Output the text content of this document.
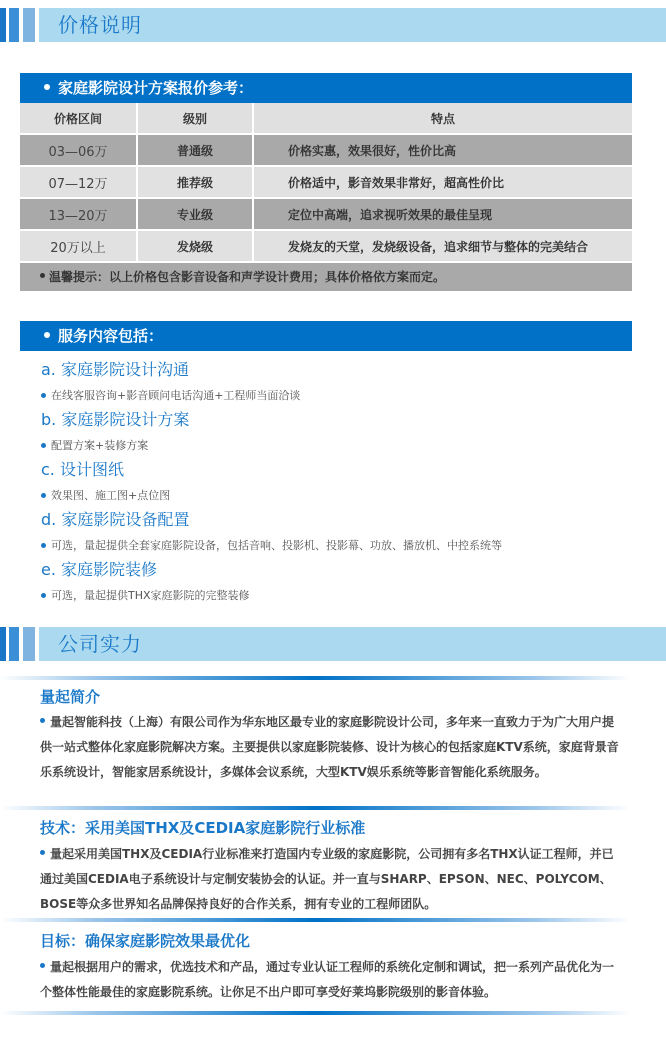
价格说明
家庭影院设计方案报价参考：
价格区间	级别	特点
03—06万	普通级	价格实惠，效果很好，性价比高
07—12万	推荐级	价格适中，影音效果非常好，超高性价比
13—20万	专业级	定位中高端，追求视听效果的最佳呈现
20万以上	发烧级	发烧友的天堂，发烧级设备，追求细节与整体的完美结合
温馨提示：以上价格包含影音设备和声学设计费用；具体价格依方案而定。
服务内容包括：
a. 家庭影院设计沟通
在线客服咨询+影音顾问电话沟通+工程师当面洽谈
b. 家庭影院设计方案
配置方案+装修方案
c. 设计图纸
效果图、施工图+点位图
d. 家庭影院设备配置
可选，量起提供全套家庭影院设备，包括音响、投影机、投影幕、功放、播放机、中控系统等
e. 家庭影院装修
可选，量起提供THX家庭影院的完整装修
公司实力
量起简介
量起智能科技（上海）有限公司作为华东地区最专业的家庭影院设计公司，多年来一直致力于为广大用户提供一站式整体化家庭影院解决方案。主要提供以家庭影院装修、设计为核心的包括家庭KTV系统，家庭背景音乐系统设计，智能家居系统设计，多媒体会议系统，大型KTV娱乐系统等影音智能化系统服务。
技术：采用美国THX及CEDIA家庭影院行业标准
量起采用美国THX及CEDIA行业标准来打造国内专业级的家庭影院，公司拥有多名THX认证工程师，并已通过美国CEDIA电子系统设计与定制安装协会的认证。并一直与SHARP、EPSON、NEC、POLYCOM、BOSE等众多世界知名品牌保持良好的合作关系，拥有专业的工程师团队。
目标：确保家庭影院效果最优化
量起根据用户的需求，优选技术和产品，通过专业认证工程师的系统化定制和调试，把一系列产品优化为一个整体性能最佳的家庭影院系统。让你足不出户即可享受好莱坞影院级别的影音体验。
